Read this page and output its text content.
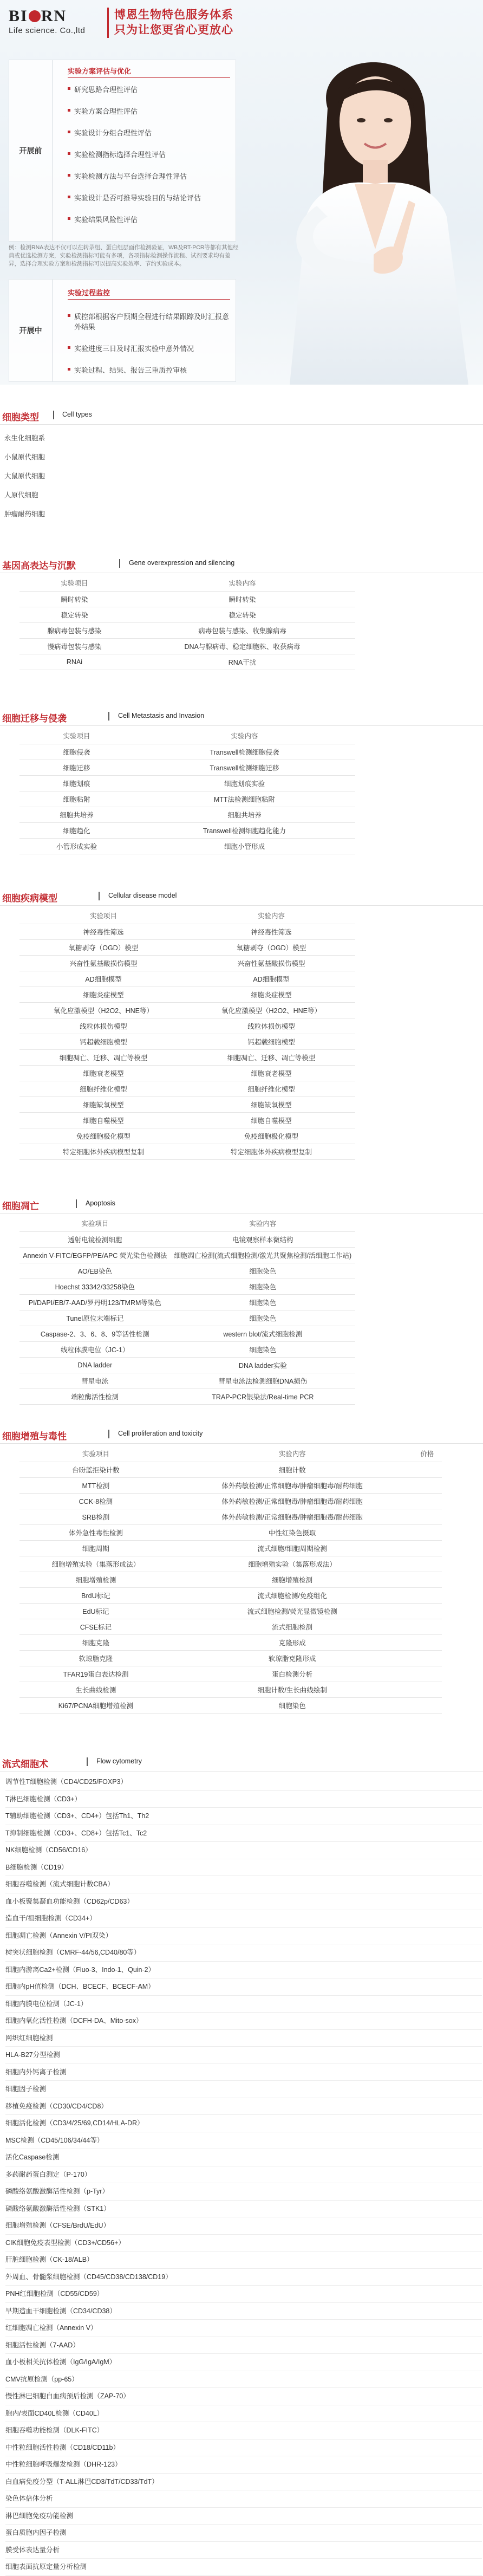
BI RN
Life science. Co.,ltd
博恩生物特色服务体系
只为让您更省心更放心
开展前
实验方案评估与优化
研究思路合理性评估
实验方案合理性评估
实验设计分组合理性评估
实验检测指标选择合理性评估
实验检测方法与平台选择合理性评估
实验设计是否可推导实验目的与结论评估
实验结果风险性评估
例：检测RNA表达不仅可以在转录组、蛋白组层面作检测验证，WB及RT-PCR等都有其他经典或优选检测方案，实验检测指标可能有多项，各项指标检测操作流程、试剂要求均有差异，选择合理实验方案和检测指标可以提高实验效率、节约实验成本。
开展中
实验过程监控
质控部根据客户预期全程进行结果跟踪及时汇报意外结果
实验进度三日及时汇报实验中意外情况
实验过程、结果、报告三重质控审核
细胞类型	Cell types
永生化细胞系
小鼠原代细胞
大鼠原代细胞
人原代细胞
肿瘤耐药细胞
基因高表达与沉默	Gene overexpression and silencing
实验项目	实验内容
瞬时转染	瞬时转染
稳定转染	稳定转染
腺病毒包装与感染	病毒包装与感染、收集腺病毒
慢病毒包装与感染	DNA与腺病毒、稳定细胞株、收获病毒
RNAi	RNA干扰
细胞迁移与侵袭	Cell Metastasis and Invasion
实验项目	实验内容
细胞侵袭	Transwell检测细胞侵袭
细胞迁移	Transwell检测细胞迁移
细胞划痕	细胞划痕实验
细胞粘附	MTT法检测细胞粘附
细胞共培养	细胞共培养
细胞趋化	Transwell检测细胞趋化能力
小管形成实验	细胞小管形成
细胞疾病模型	Cellular disease model
实验项目	实验内容
神经毒性筛选	神经毒性筛选
氧糖剥夺（OGD）模型	氧糖剥夺（OGD）模型
兴奋性氨基酸损伤模型	兴奋性氨基酸损伤模型
AD细胞模型	AD细胞模型
细胞炎症模型	细胞炎症模型
氧化应激模型（H2O2、HNE等）	氧化应激模型（H2O2、HNE等）
线粒体损伤模型	线粒体损伤模型
钙超载细胞模型	钙超载细胞模型
细胞凋亡、迁移、凋亡等模型	细胞凋亡、迁移、凋亡等模型
细胞衰老模型	细胞衰老模型
细胞纤维化模型	细胞纤维化模型
细胞缺氧模型	细胞缺氧模型
细胞自噬模型	细胞自噬模型
免疫细胞极化模型	免疫细胞极化模型
特定细胞体外疾病模型复制	特定细胞体外疾病模型复制
细胞凋亡	Apoptosis
实验项目	实验内容
透射电镜检测细胞	电镜观察样本微结构
Annexin V-FITC/EGFP/PE/APC 荧光染色检测法	细胞凋亡检测(流式细胞检测/激光共聚焦检测/活细胞工作站)
AO/EB染色	细胞染色
Hoechst 33342/33258染色	细胞染色
PI/DAPI/EB/7-AAD/罗丹明123/TMRM等染色	细胞染色
Tunel原位末端标记	细胞染色
Caspase-2、3、6、8、9等活性检测	western blot/流式细胞检测
线粒体膜电位（JC-1）	细胞染色
DNA ladder	DNA ladder实验
彗星电泳	彗星电泳法检测细胞DNA损伤
端粒酶活性检测	TRAP-PCR银染法/Real-time PCR
细胞增殖与毒性	Cell proliferation and toxicity
实验项目	实验内容	价格
台盼蓝拒染计数	细胞计数	
MTT检测	体外药敏检测/正常细胞毒/肿瘤细胞毒/耐药细胞	
CCK-8检测	体外药敏检测/正常细胞毒/肿瘤细胞毒/耐药细胞	
SRB检测	体外药敏检测/正常细胞毒/肿瘤细胞毒/耐药细胞	
体外急性毒性检测	中性红染色摄取	
细胞周期	流式细胞/细胞周期检测	
细胞增殖实验（集落形成法）	细胞增殖实验（集落形成法）	
细胞增殖检测	细胞增殖检测	
BrdU标记	流式细胞检测/免疫组化	
EdU标记	流式细胞检测/荧光显微镜检测	
CFSE标记	流式细胞检测	
细胞克隆	克隆形成	
软琼脂克隆	软琼脂克隆形成	
TFAR19蛋白表达检测	蛋白检测分析	
生长曲线检测	细胞计数/生长曲线绘制	
Ki67/PCNA细胞增殖检测	细胞染色	
流式细胞术	Flow cytometry
调节性T细胞检测（CD4/CD25/FOXP3）
T淋巴细胞检测（CD3+）
T辅助细胞检测（CD3+、CD4+）包括Th1、Th2
T抑制细胞检测（CD3+、CD8+）包括Tc1、Tc2
NK细胞检测（CD56/CD16）
B细胞检测（CD19）
细胞吞噬检测（流式细胞计数CBA）
血小板聚集凝血功能检测（CD62p/CD63）
造血干/祖细胞检测（CD34+）
细胞凋亡检测（Annexin V/PI双染）
树突状细胞检测（CMRF-44/56,CD40/80等）
细胞内游离Ca2+检测（Fluo-3、Indo-1、Quin-2）
细胞内pH值检测（DCH、BCECF、BCECF-AM）
细胞内膜电位检测（JC-1）
细胞内氧化活性检测（DCFH-DA、Mito-sox）
网织红细胞检测
HLA-B27分型检测
细胞内外钙离子检测
细胞因子检测
移植免疫检测（CD30/CD4/CD8）
细胞活化检测（CD3/4/25/69,CD14/HLA-DR）
MSC检测（CD45/106/34/44等）
活化Caspase检测
多药耐药蛋白测定（P-170）
磷酸络氨酸激酶活性检测（p-Tyr）
磷酸络氨酸激酶活性检测（STK1）
细胞增殖检测（CFSE/BrdU/EdU）
CIK细胞免疫表型检测（CD3+/CD56+）
肝脏细胞检测（CK-18/ALB）
外周血、骨髓浆细胞检测（CD45/CD38/CD138/CD19）
PNH红细胞检测（CD55/CD59）
早期造血干细胞检测（CD34/CD38）
红细胞凋亡检测（Annexin V）
细胞活性检测（7-AAD）
血小板相关抗体检测（IgG/IgA/IgM）
CMV抗原检测（pp-65）
慢性淋巴细胞白血病预后检测（ZAP-70）
胞内/表面CD40L检测（CD40L）
细胞吞噬功能检测（DLK-FITC）
中性粒细胞活性检测（CD18/CD11b）
中性粒细胞呼吸爆发检测（DHR-123）
白血病免疫分型（T-ALL淋巴CD3/TdT/CD33/TdT）
染色体倍体分析
淋巴细胞免疫功能检测
蛋白质胞内因子检测
膜受体表达量分析
细胞表面抗原定量分析检测
